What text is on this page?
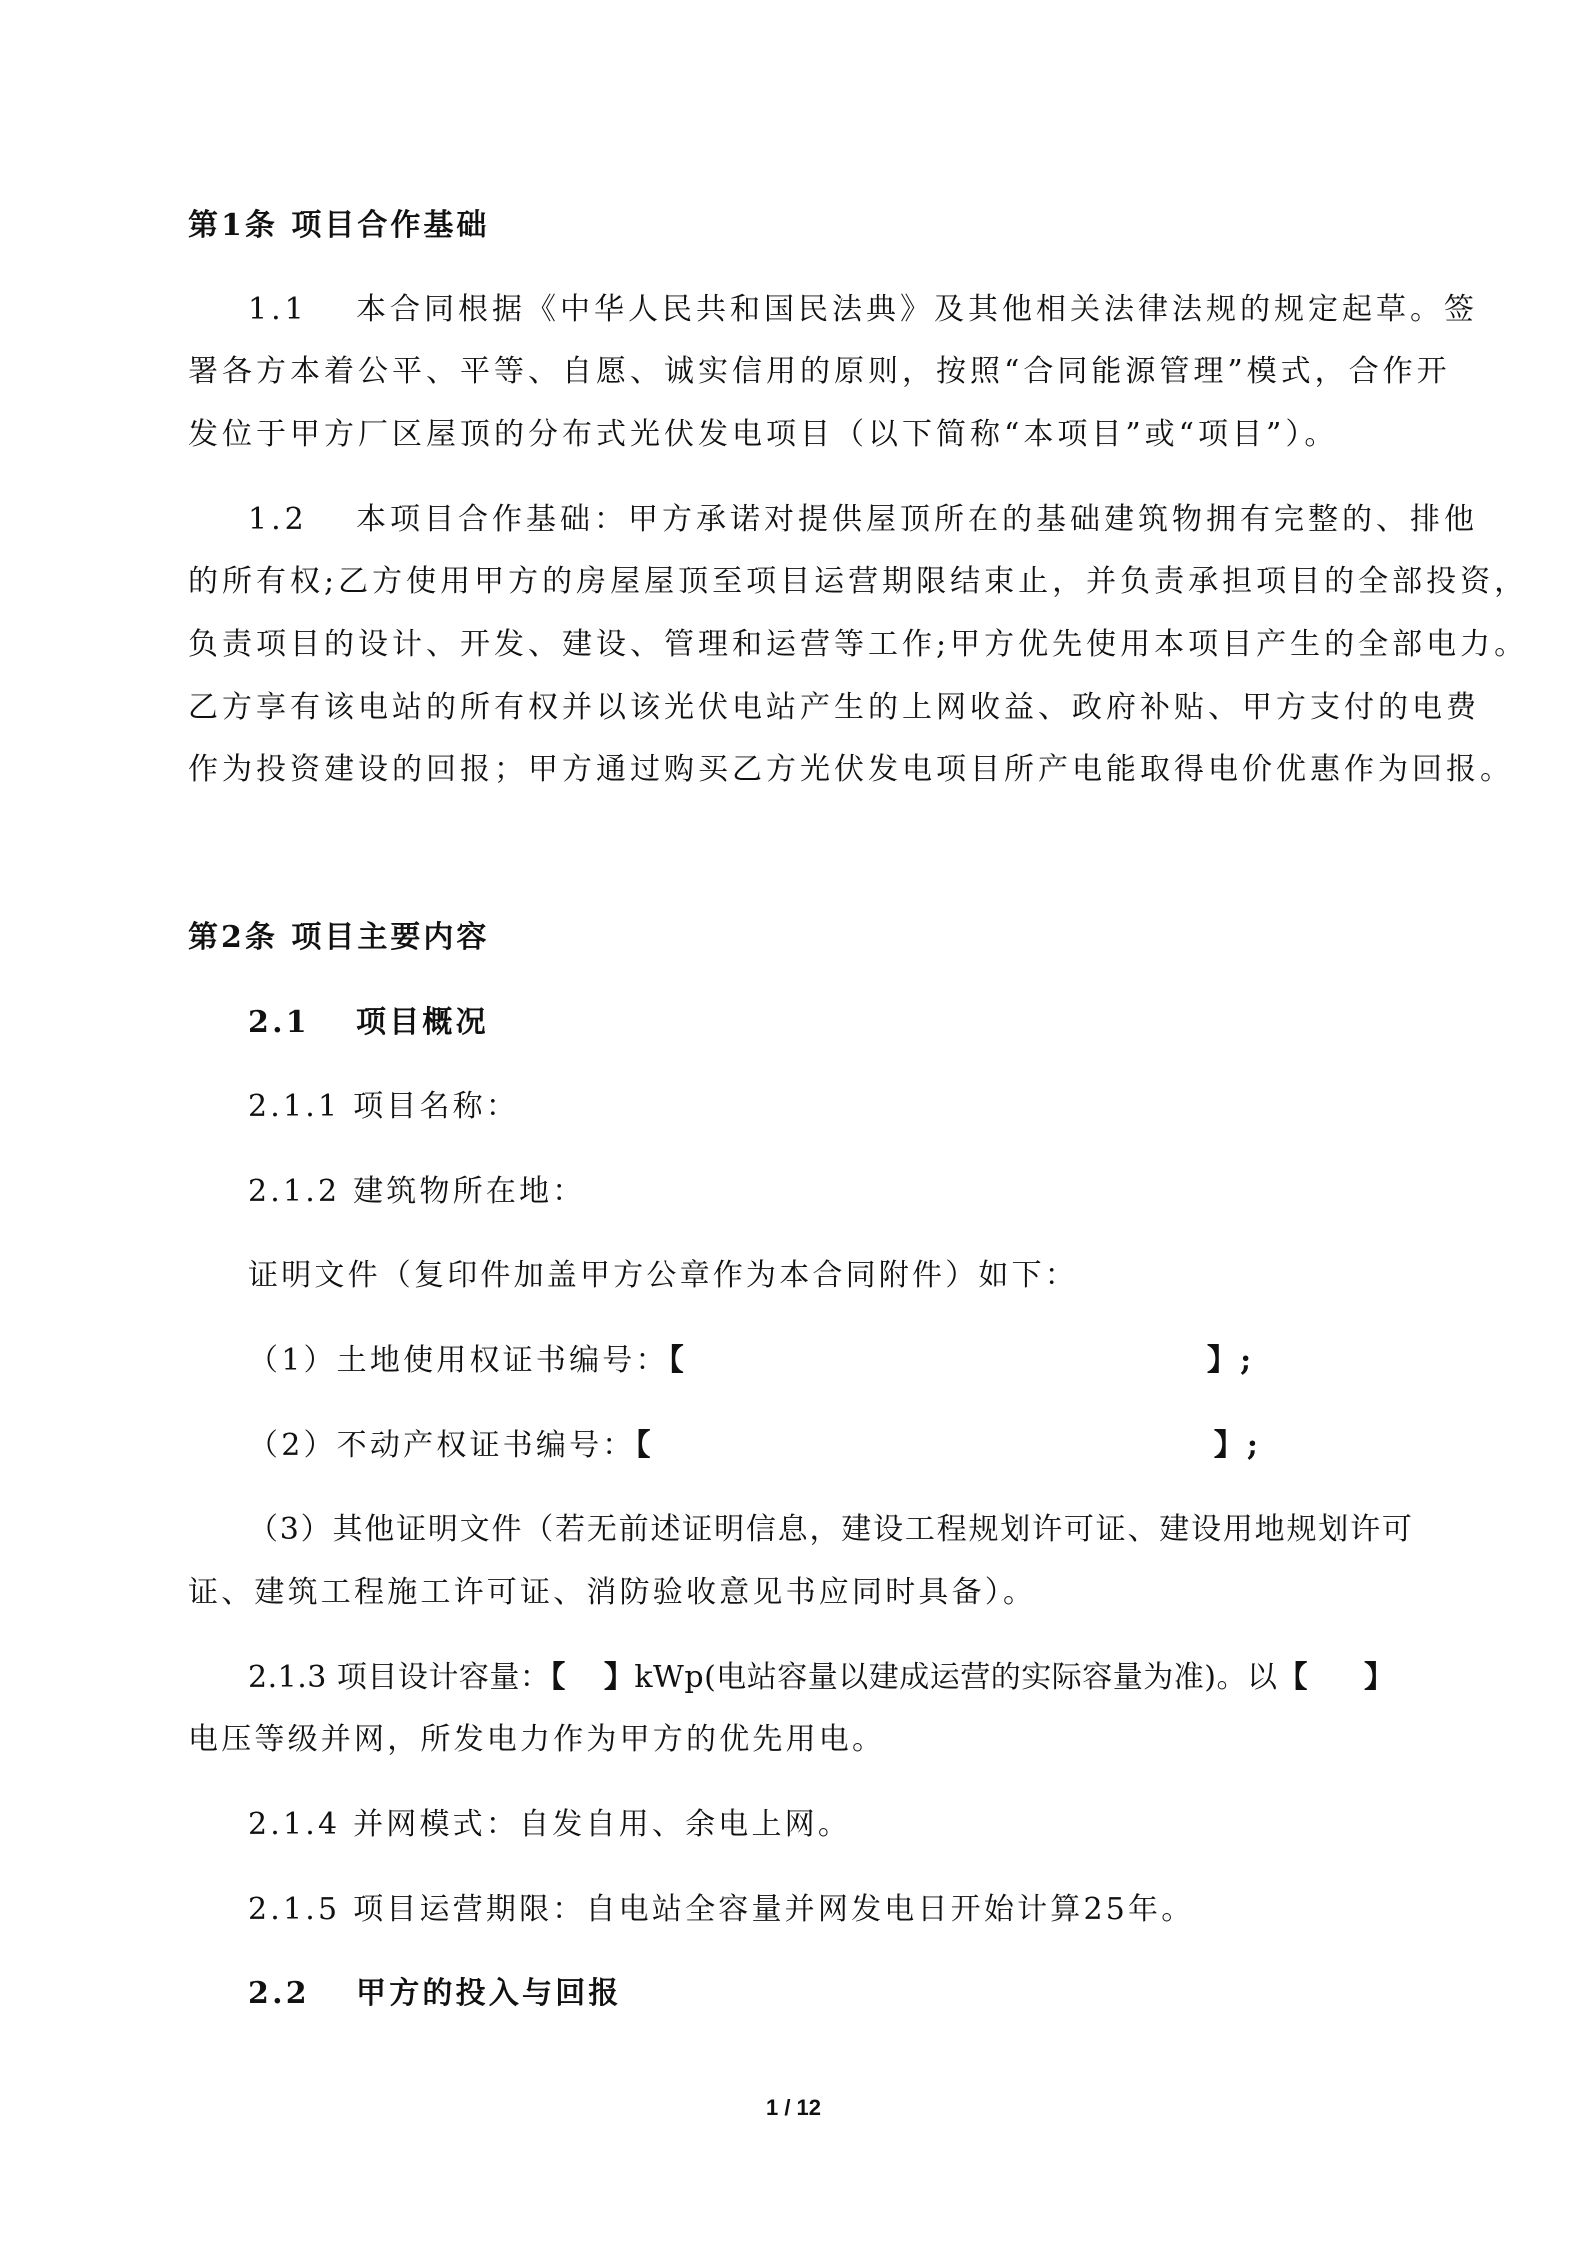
第1条 项目合作基础
1.1 本合同根据《中华人民共和国民法典》及其他相关法律法规的规定起草。签
署各方本着公平、平等、自愿、诚实信用的原则，按照“合同能源管理”模式，合作开
发位于甲方厂区屋顶的分布式光伏发电项目（以下简称“本项目”或“项目”）。
1.2 本项目合作基础：甲方承诺对提供屋顶所在的基础建筑物拥有完整的、排他
的所有权;乙方使用甲方的房屋屋顶至项目运营期限结束止，并负责承担项目的全部投资，
负责项目的设计、开发、建设、管理和运营等工作;甲方优先使用本项目产生的全部电力。
乙方享有该电站的所有权并以该光伏电站产生的上网收益、政府补贴、甲方支付的电费
作为投资建设的回报；甲方通过购买乙方光伏发电项目所产电能取得电价优惠作为回报。
第2条 项目主要内容
2.1 项目概况
2.1.1 项目名称：
2.1.2 建筑物所在地：
证明文件（复印件加盖甲方公章作为本合同附件）如下：
（1）土地使用权证书编号：【	】;
（2）不动产权证书编号：【	】;
（3）其他证明文件（若无前述证明信息，建设工程规划许可证、建设用地规划许可
证、建筑工程施工许可证、消防验收意见书应同时具备）。
2.1.3 项目设计容量：【 】kWp(电站容量以建成运营的实际容量为准)。以【 】
电压等级并网，所发电力作为甲方的优先用电。
2.1.4 并网模式：自发自用、余电上网。
2.1.5 项目运营期限：自电站全容量并网发电日开始计算25年。
2.2 甲方的投入与回报
1 / 12
